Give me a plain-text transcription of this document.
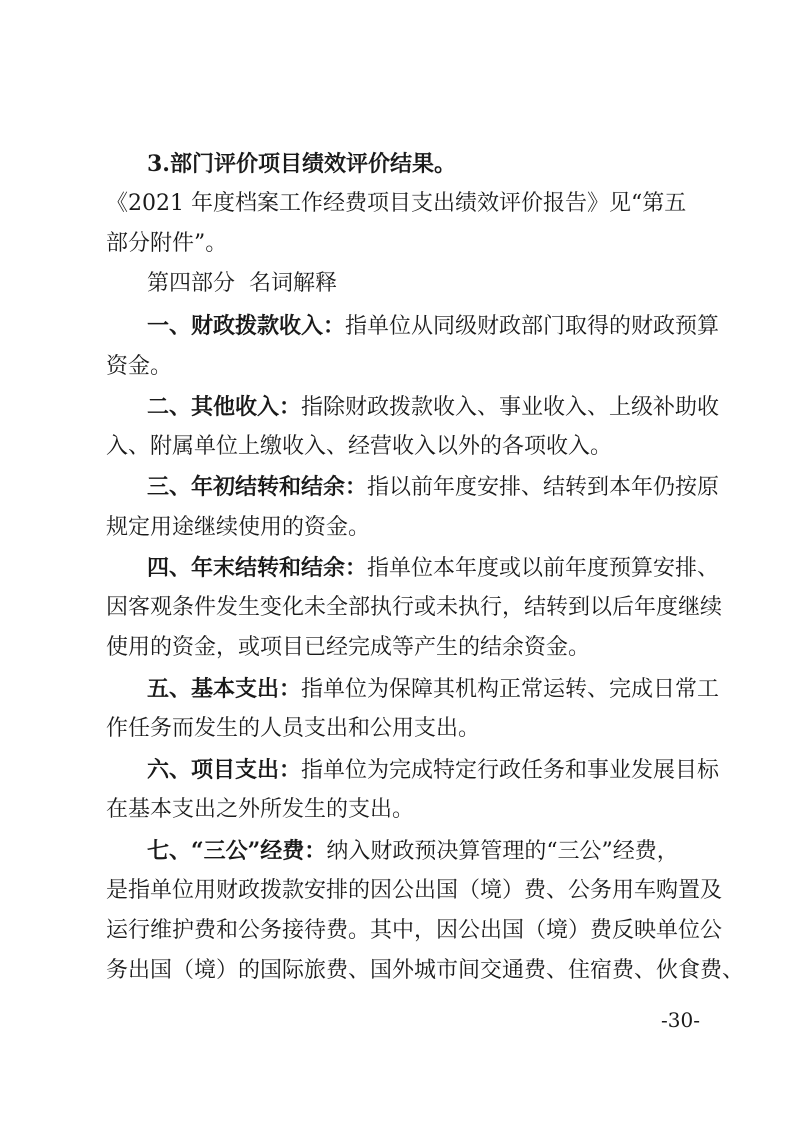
3.部门评价项目绩效评价结果。
《2021 年度档案工作经费项目支出绩效评价报告》见“第五
部分附件”。
第四部分  名词解释
一、财政拨款收入：指单位从同级财政部门取得的财政预算
资金。
二、其他收入：指除财政拨款收入、事业收入、上级补助收
入、附属单位上缴收入、经营收入以外的各项收入。
三、年初结转和结余：指以前年度安排、结转到本年仍按原
规定用途继续使用的资金。
四、年末结转和结余：指单位本年度或以前年度预算安排、
因客观条件发生变化未全部执行或未执行，结转到以后年度继续
使用的资金，或项目已经完成等产生的结余资金。
五、基本支出：指单位为保障其机构正常运转、完成日常工
作任务而发生的人员支出和公用支出。
六、项目支出：指单位为完成特定行政任务和事业发展目标
在基本支出之外所发生的支出。
七、“三公”经费：纳入财政预决算管理的“三公”经费，
是指单位用财政拨款安排的因公出国（境）费、公务用车购置及
运行维护费和公务接待费。其中，因公出国（境）费反映单位公
务出国（境）的国际旅费、国外城市间交通费、住宿费、伙食费、
-30-
